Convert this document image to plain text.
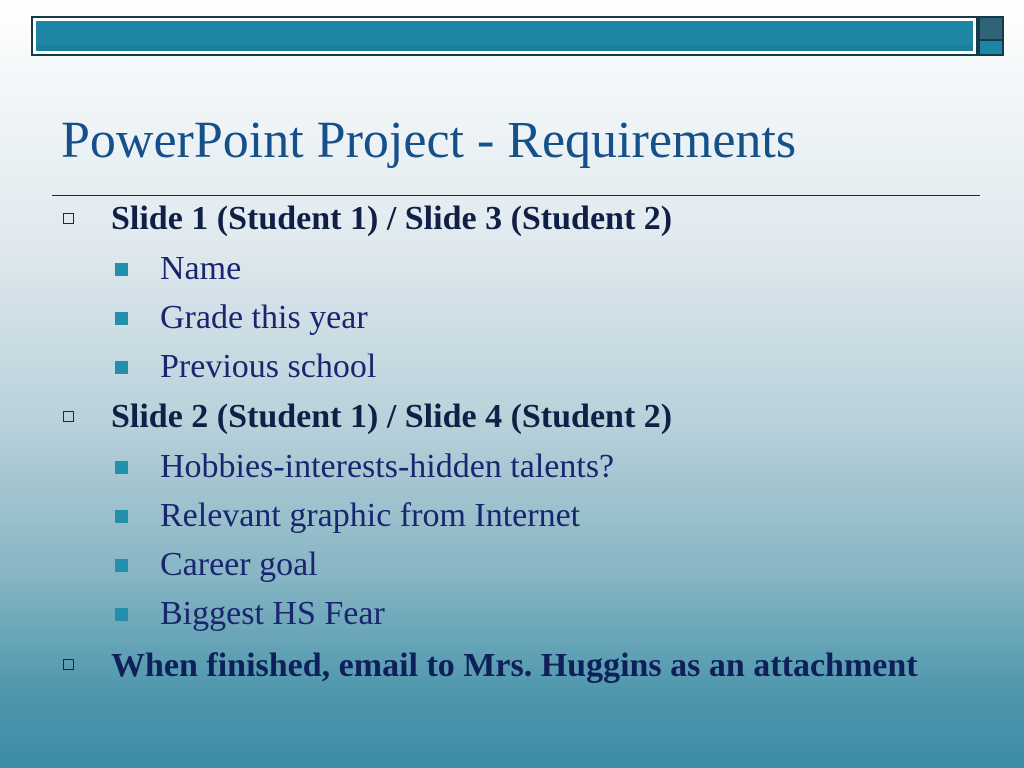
PowerPoint Project - Requirements
Slide 1 (Student 1) / Slide 3 (Student 2)
Name
Grade this year
Previous school
Slide 2 (Student 1) / Slide 4 (Student 2)
Hobbies-interests-hidden talents?
Relevant graphic from Internet
Career goal
Biggest HS Fear
When finished, email to Mrs. Huggins as an attachment
